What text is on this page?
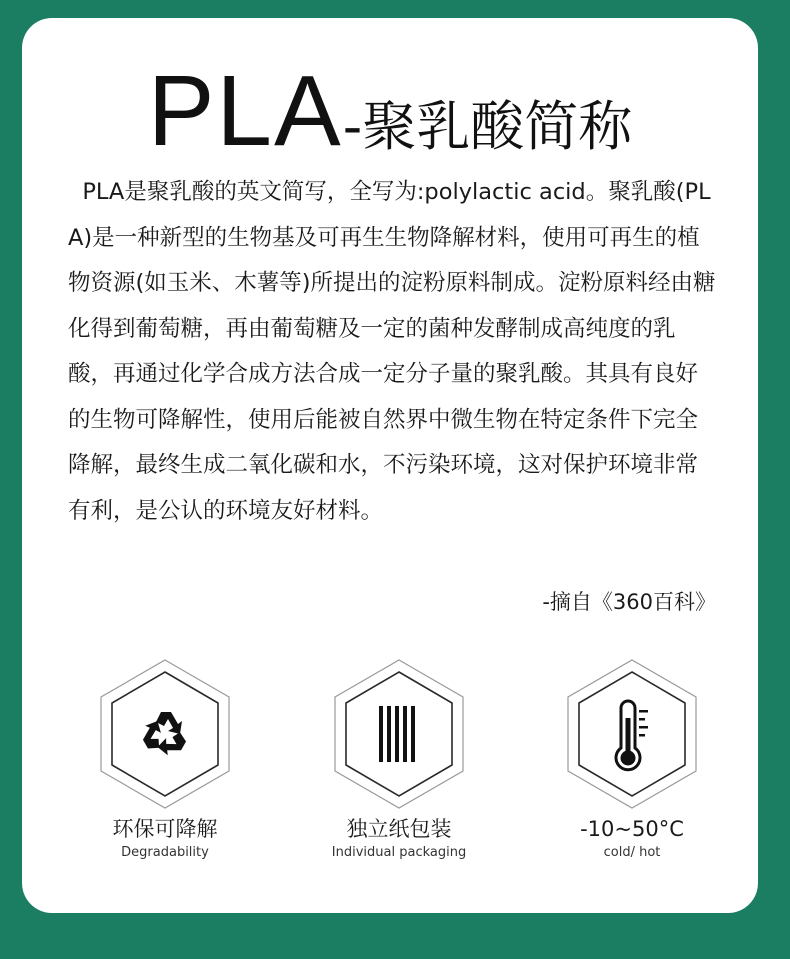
PLA-聚乳酸简称

PLA是聚乳酸的英文简写，全写为:polylactic acid。聚乳酸(PLA)是一种新型的生物基及可再生生物降解材料，使用可再生的植物资源(如玉米、木薯等)所提出的淀粉原料制成。淀粉原料经由糖化得到葡萄糖，再由葡萄糖及一定的菌种发酵制成高纯度的乳酸，再通过化学合成方法合成一定分子量的聚乳酸。其具有良好的生物可降解性，使用后能被自然界中微生物在特定条件下完全降解，最终生成二氧化碳和水，不污染环境，这对保护环境非常有利，是公认的环境友好材料。

-摘自《360百科》
环保可降解
Degradability
独立纸包装
Individual packaging
-10~50°C
cold/ hot
